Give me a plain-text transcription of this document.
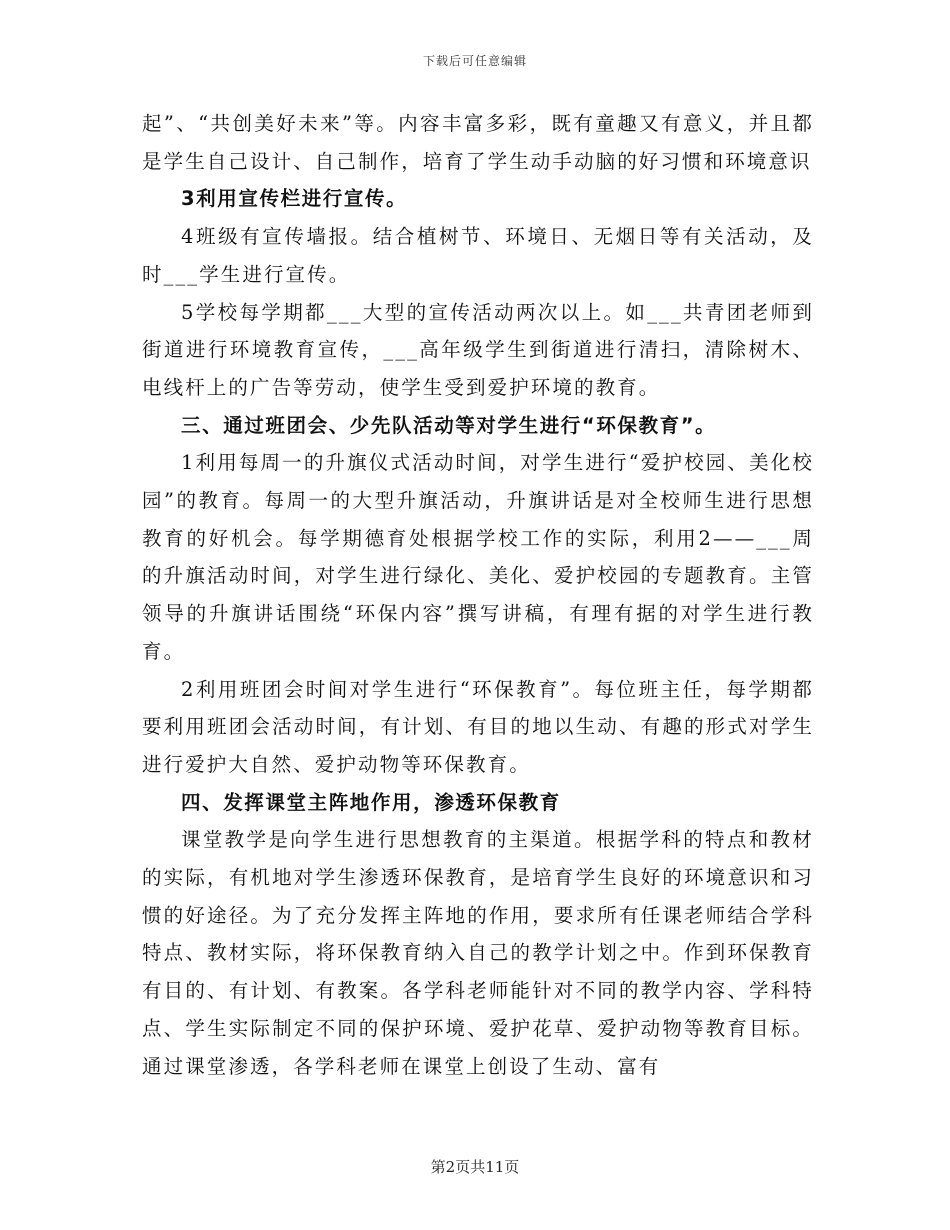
下载后可任意编辑

起”、“共创美好未来”等。内容丰富多彩，既有童趣又有意义，并且都是学生自己设计、自己制作，培育了学生动手动脑的好习惯和环境意识

3利用宣传栏进行宣传。

4班级有宣传墙报。结合植树节、环境日、无烟日等有关活动，及时___学生进行宣传。

5学校每学期都___大型的宣传活动两次以上。如___共青团老师到街道进行环境教育宣传，___高年级学生到街道进行清扫，清除树木、电线杆上的广告等劳动，使学生受到爱护环境的教育。

三、通过班团会、少先队活动等对学生进行“环保教育”。

1利用每周一的升旗仪式活动时间，对学生进行“爱护校园、美化校园”的教育。每周一的大型升旗活动，升旗讲话是对全校师生进行思想教育的好机会。每学期德育处根据学校工作的实际，利用2——___周的升旗活动时间，对学生进行绿化、美化、爱护校园的专题教育。主管领导的升旗讲话围绕“环保内容”撰写讲稿，有理有据的对学生进行教育。

2利用班团会时间对学生进行“环保教育”。每位班主任，每学期都要利用班团会活动时间，有计划、有目的地以生动、有趣的形式对学生进行爱护大自然、爱护动物等环保教育。

四、发挥课堂主阵地作用，渗透环保教育

课堂教学是向学生进行思想教育的主渠道。根据学科的特点和教材的实际，有机地对学生渗透环保教育，是培育学生良好的环境意识和习惯的好途径。为了充分发挥主阵地的作用，要求所有任课老师结合学科特点、教材实际，将环保教育纳入自己的教学计划之中。作到环保教育有目的、有计划、有教案。各学科老师能针对不同的教学内容、学科特点、学生实际制定不同的保护环境、爱护花草、爱护动物等教育目标。通过课堂渗透，各学科老师在课堂上创设了生动、富有

第2页共11页
